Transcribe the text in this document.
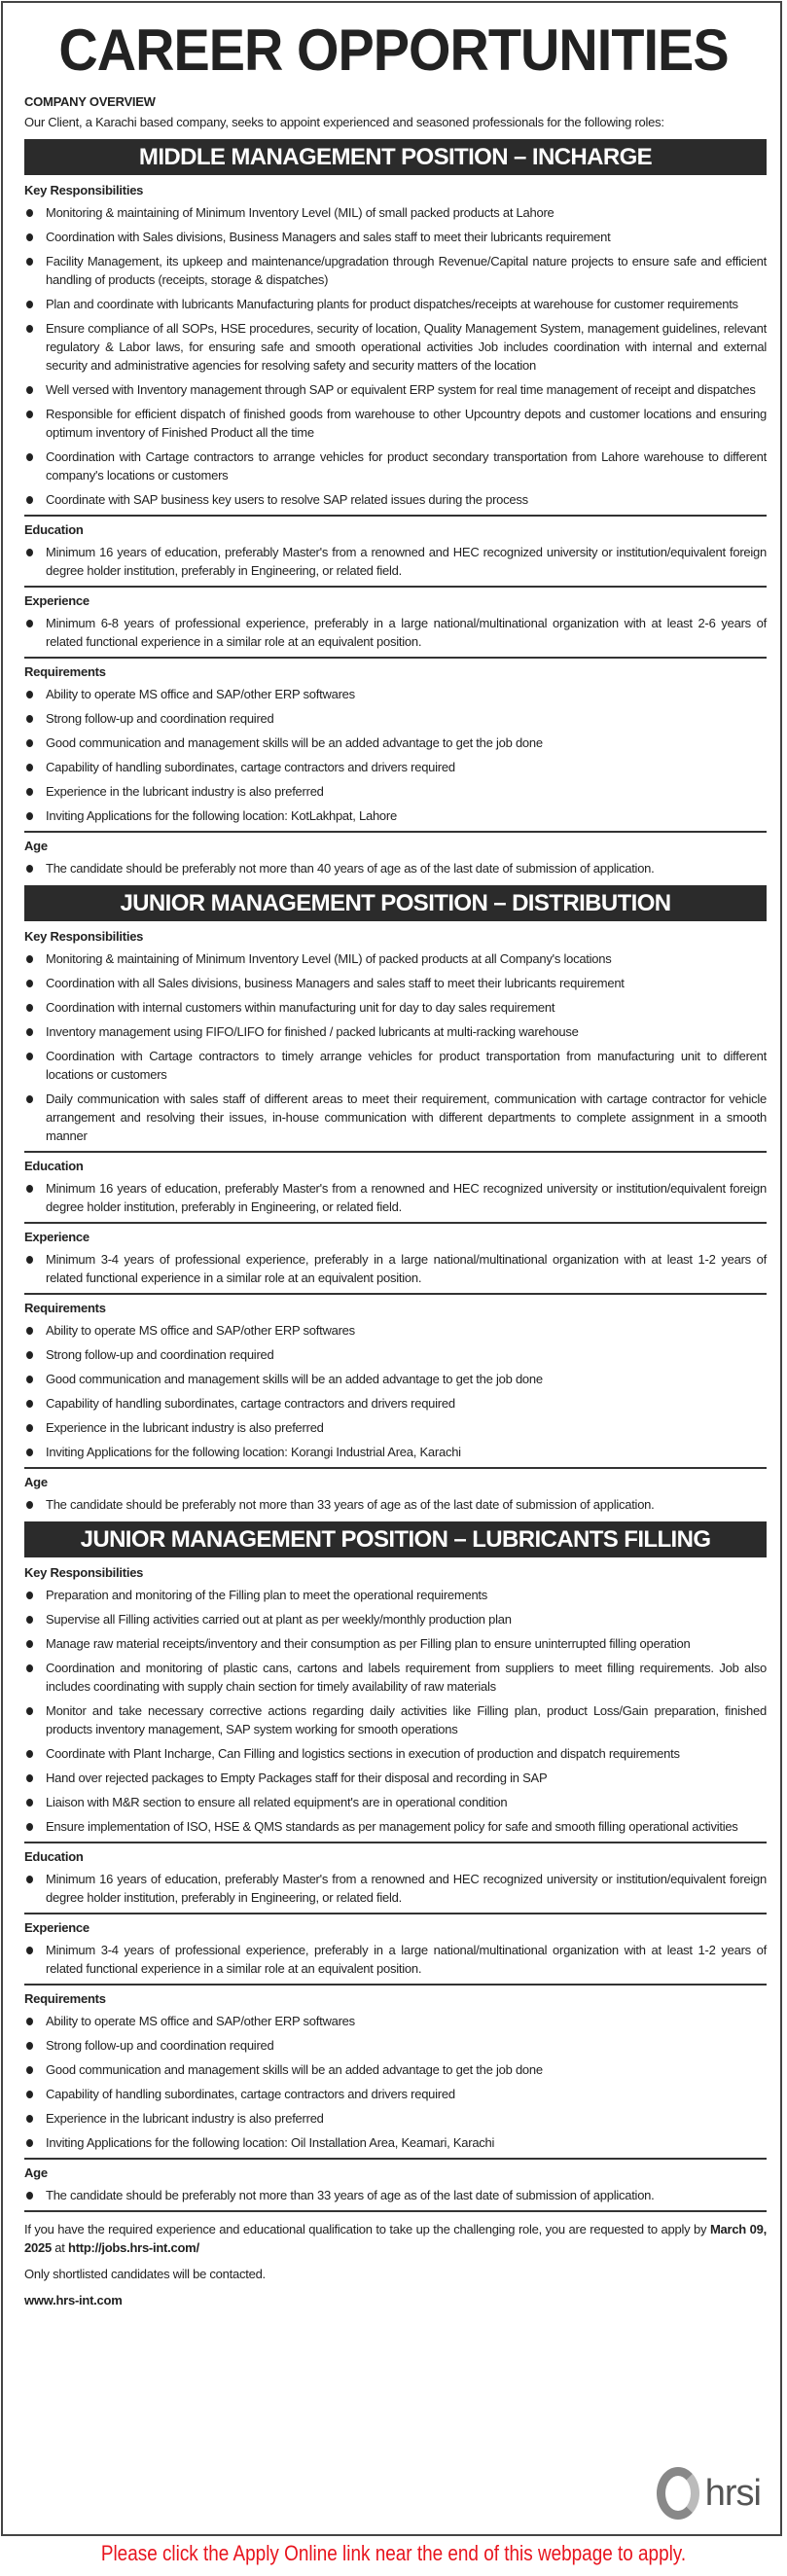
CAREER OPPORTUNITIES
COMPANY OVERVIEW
Our Client, a Karachi based company, seeks to appoint experienced and seasoned professionals for the following roles:
MIDDLE MANAGEMENT POSITION – INCHARGE
Key Responsibilities
Monitoring & maintaining of Minimum Inventory Level (MIL) of small packed products at Lahore
Coordination with Sales divisions, Business Managers and sales staff to meet their lubricants requirement
Facility Management, its upkeep and maintenance/upgradation through Revenue/Capital nature projects to ensure safe and efficient handling of products (receipts, storage & dispatches)
Plan and coordinate with lubricants Manufacturing plants for product dispatches/receipts at warehouse for customer requirements
Ensure compliance of all SOPs, HSE procedures, security of location, Quality Management System, management guidelines, relevant regulatory & Labor laws, for ensuring safe and smooth operational activities Job includes coordination with internal and external security and administrative agencies for resolving safety and security matters of the location
Well versed with Inventory management through SAP or equivalent ERP system for real time management of receipt and dispatches
Responsible for efficient dispatch of finished goods from warehouse to other Upcountry depots and customer locations and ensuring optimum inventory of Finished Product all the time
Coordination with Cartage contractors to arrange vehicles for product secondary transportation from Lahore warehouse to different company's locations or customers
Coordinate with SAP business key users to resolve SAP related issues during the process
Education
Minimum 16 years of education, preferably Master's from a renowned and HEC recognized university or institution/equivalent foreign degree holder institution, preferably in Engineering, or related field.
Experience
Minimum 6-8 years of professional experience, preferably in a large national/multinational organization with at least 2-6 years of related functional experience in a similar role at an equivalent position.
Requirements
Ability to operate MS office and SAP/other ERP softwares
Strong follow-up and coordination required
Good communication and management skills will be an added advantage to get the job done
Capability of handling subordinates, cartage contractors and drivers required
Experience in the lubricant industry is also preferred
Inviting Applications for the following location: KotLakhpat, Lahore
Age
The candidate should be preferably not more than 40 years of age as of the last date of submission of application.
JUNIOR MANAGEMENT POSITION – DISTRIBUTION
Key Responsibilities
Monitoring & maintaining of Minimum Inventory Level (MIL) of packed products at all Company's locations
Coordination with all Sales divisions, business Managers and sales staff to meet their lubricants requirement
Coordination with internal customers within manufacturing unit for day to day sales requirement
Inventory management using FIFO/LIFO for finished / packed lubricants at multi-racking warehouse
Coordination with Cartage contractors to timely arrange vehicles for product transportation from manufacturing unit to different locations or customers
Daily communication with sales staff of different areas to meet their requirement, communication with cartage contractor for vehicle arrangement and resolving their issues, in-house communication with different departments to complete assignment in a smooth manner
Education
Minimum 16 years of education, preferably Master's from a renowned and HEC recognized university or institution/equivalent foreign degree holder institution, preferably in Engineering, or related field.
Experience
Minimum 3-4 years of professional experience, preferably in a large national/multinational organization with at least 1-2 years of related functional experience in a similar role at an equivalent position.
Requirements
Ability to operate MS office and SAP/other ERP softwares
Strong follow-up and coordination required
Good communication and management skills will be an added advantage to get the job done
Capability of handling subordinates, cartage contractors and drivers required
Experience in the lubricant industry is also preferred
Inviting Applications for the following location: Korangi Industrial Area, Karachi
Age
The candidate should be preferably not more than 33 years of age as of the last date of submission of application.
JUNIOR MANAGEMENT POSITION – LUBRICANTS FILLING
Key Responsibilities
Preparation and monitoring of the Filling plan to meet the operational requirements
Supervise all Filling activities carried out at plant as per weekly/monthly production plan
Manage raw material receipts/inventory and their consumption as per Filling plan to ensure uninterrupted filling operation
Coordination and monitoring of plastic cans, cartons and labels requirement from suppliers to meet filling requirements. Job also includes coordinating with supply chain section for timely availability of raw materials
Monitor and take necessary corrective actions regarding daily activities like Filling plan, product Loss/Gain preparation, finished products inventory management, SAP system working for smooth operations
Coordinate with Plant Incharge, Can Filling and logistics sections in execution of production and dispatch requirements
Hand over rejected packages to Empty Packages staff for their disposal and recording in SAP
Liaison with M&R section to ensure all related equipment's are in operational condition
Ensure implementation of ISO, HSE & QMS standards as per management policy for safe and smooth filling operational activities
Education
Minimum 16 years of education, preferably Master's from a renowned and HEC recognized university or institution/equivalent foreign degree holder institution, preferably in Engineering, or related field.
Experience
Minimum 3-4 years of professional experience, preferably in a large national/multinational organization with at least 1-2 years of related functional experience in a similar role at an equivalent position.
Requirements
Ability to operate MS office and SAP/other ERP softwares
Strong follow-up and coordination required
Good communication and management skills will be an added advantage to get the job done
Capability of handling subordinates, cartage contractors and drivers required
Experience in the lubricant industry is also preferred
Inviting Applications for the following location: Oil Installation Area, Keamari, Karachi
Age
The candidate should be preferably not more than 33 years of age as of the last date of submission of application.
If you have the required experience and educational qualification to take up the challenging role, you are requested to apply by March 09, 2025 at http://jobs.hrs-int.com/
Only shortlisted candidates will be contacted.
www.hrs-int.com
hrsi
Please click the Apply Online link near the end of this webpage to apply.
